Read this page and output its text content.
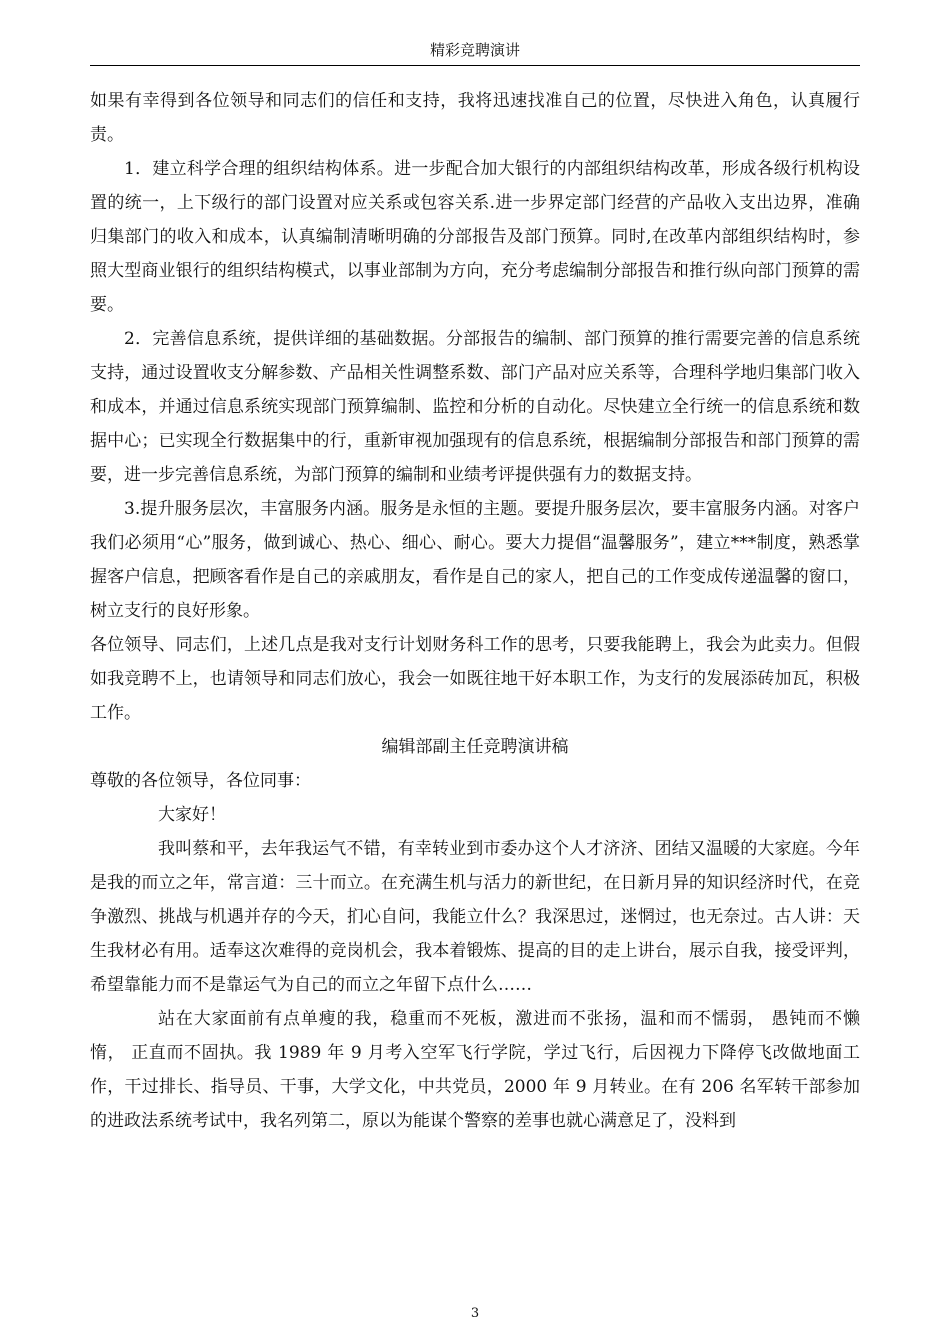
精彩竞聘演讲

如果有幸得到各位领导和同志们的信任和支持，我将迅速找准自己的位置，尽快进入角色，认真履行责。

1．建立科学合理的组织结构体系。进一步配合加大银行的内部组织结构改革，形成各级行机构设置的统一，上下级行的部门设置对应关系或包容关系.进一步界定部门经营的产品收入支出边界，准确归集部门的收入和成本，认真编制清晰明确的分部报告及部门预算。同时,在改革内部组织结构时，参照大型商业银行的组织结构模式，以事业部制为方向，充分考虑编制分部报告和推行纵向部门预算的需要。

2．完善信息系统，提供详细的基础数据。分部报告的编制、部门预算的推行需要完善的信息系统支持，通过设置收支分解参数、产品相关性调整系数、部门产品对应关系等，合理科学地归集部门收入和成本，并通过信息系统实现部门预算编制、监控和分析的自动化。尽快建立全行统一的信息系统和数据中心；已实现全行数据集中的行，重新审视加强现有的信息系统，根据编制分部报告和部门预算的需要，进一步完善信息系统，为部门预算的编制和业绩考评提供强有力的数据支持。

3.提升服务层次，丰富服务内涵。服务是永恒的主题。要提升服务层次，要丰富服务内涵。对客户我们必须用“心”服务，做到诚心、热心、细心、耐心。要大力提倡“温馨服务”，建立***制度，熟悉掌握客户信息，把顾客看作是自己的亲戚朋友，看作是自己的家人，把自己的工作变成传递温馨的窗口，树立支行的良好形象。

各位领导、同志们，上述几点是我对支行计划财务科工作的思考，只要我能聘上，我会为此卖力。但假如我竞聘不上，也请领导和同志们放心，我会一如既往地干好本职工作，为支行的发展添砖加瓦，积极工作。

编辑部副主任竞聘演讲稿

尊敬的各位领导，各位同事：

大家好！

我叫蔡和平，去年我运气不错，有幸转业到市委办这个人才济济、团结又温暖的大家庭。今年是我的而立之年，常言道：三十而立。在充满生机与活力的新世纪，在日新月异的知识经济时代，在竞争激烈、挑战与机遇并存的今天，扪心自问，我能立什么？我深思过，迷惘过，也无奈过。古人讲：天生我材必有用。适奉这次难得的竞岗机会，我本着锻炼、提高的目的走上讲台，展示自我，接受评判，希望靠能力而不是靠运气为自己的而立之年留下点什么……

站在大家面前有点单瘦的我，稳重而不死板，激进而不张扬，温和而不懦弱， 愚钝而不懒惰， 正直而不固执。我 1989 年 9 月考入空军飞行学院，学过飞行，后因视力下降停飞改做地面工作，干过排长、指导员、干事，大学文化，中共党员，2000 年 9 月转业。在有 206 名军转干部参加的进政法系统考试中，我名列第二，原以为能谋个警察的差事也就心满意足了，没料到

3
